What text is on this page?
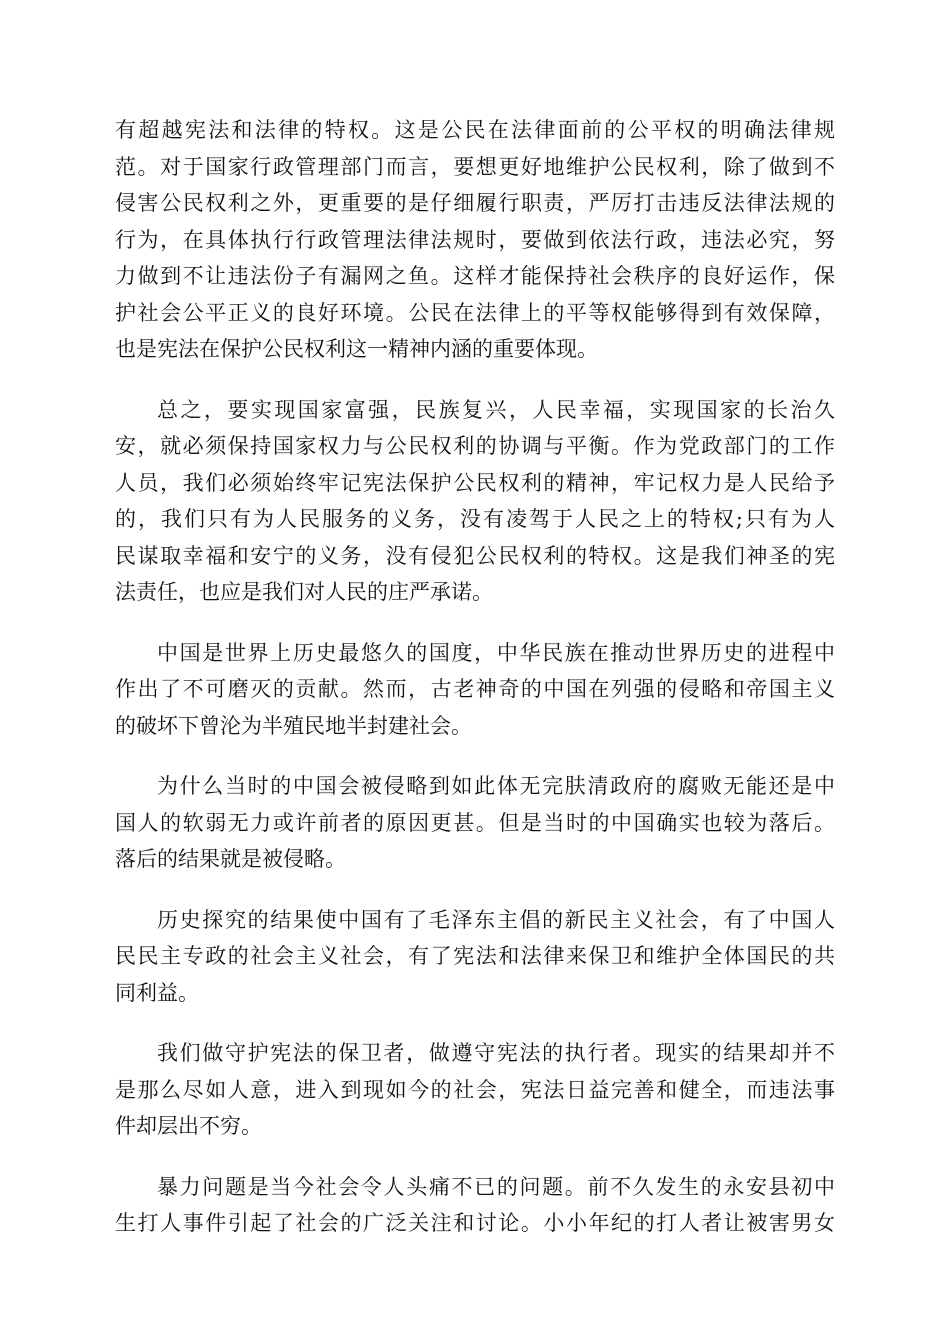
有超越宪法和法律的特权。这是公民在法律面前的公平权的明确法律规
范。对于国家行政管理部门而言，要想更好地维护公民权利，除了做到不
侵害公民权利之外，更重要的是仔细履行职责，严厉打击违反法律法规的
行为，在具体执行行政管理法律法规时，要做到依法行政，违法必究，努
力做到不让违法份子有漏网之鱼。这样才能保持社会秩序的良好运作，保
护社会公平正义的良好环境。公民在法律上的平等权能够得到有效保障，
也是宪法在保护公民权利这一精神内涵的重要体现。
总之，要实现国家富强，民族复兴，人民幸福，实现国家的长治久
安，就必须保持国家权力与公民权利的协调与平衡。作为党政部门的工作
人员，我们必须始终牢记宪法保护公民权利的精神，牢记权力是人民给予
的，我们只有为人民服务的义务，没有凌驾于人民之上的特权;只有为人
民谋取幸福和安宁的义务，没有侵犯公民权利的特权。这是我们神圣的宪
法责任，也应是我们对人民的庄严承诺。
中国是世界上历史最悠久的国度，中华民族在推动世界历史的进程中
作出了不可磨灭的贡献。然而，古老神奇的中国在列强的侵略和帝国主义
的破坏下曾沦为半殖民地半封建社会。
为什么当时的中国会被侵略到如此体无完肤清政府的腐败无能还是中
国人的软弱无力或许前者的原因更甚。但是当时的中国确实也较为落后。
落后的结果就是被侵略。
历史探究的结果使中国有了毛泽东主倡的新民主义社会，有了中国人
民民主专政的社会主义社会，有了宪法和法律来保卫和维护全体国民的共
同利益。
我们做守护宪法的保卫者，做遵守宪法的执行者。现实的结果却并不
是那么尽如人意，进入到现如今的社会，宪法日益完善和健全，而违法事
件却层出不穷。
暴力问题是当今社会令人头痛不已的问题。前不久发生的永安县初中
生打人事件引起了社会的广泛关注和讨论。小小年纪的打人者让被害男女
